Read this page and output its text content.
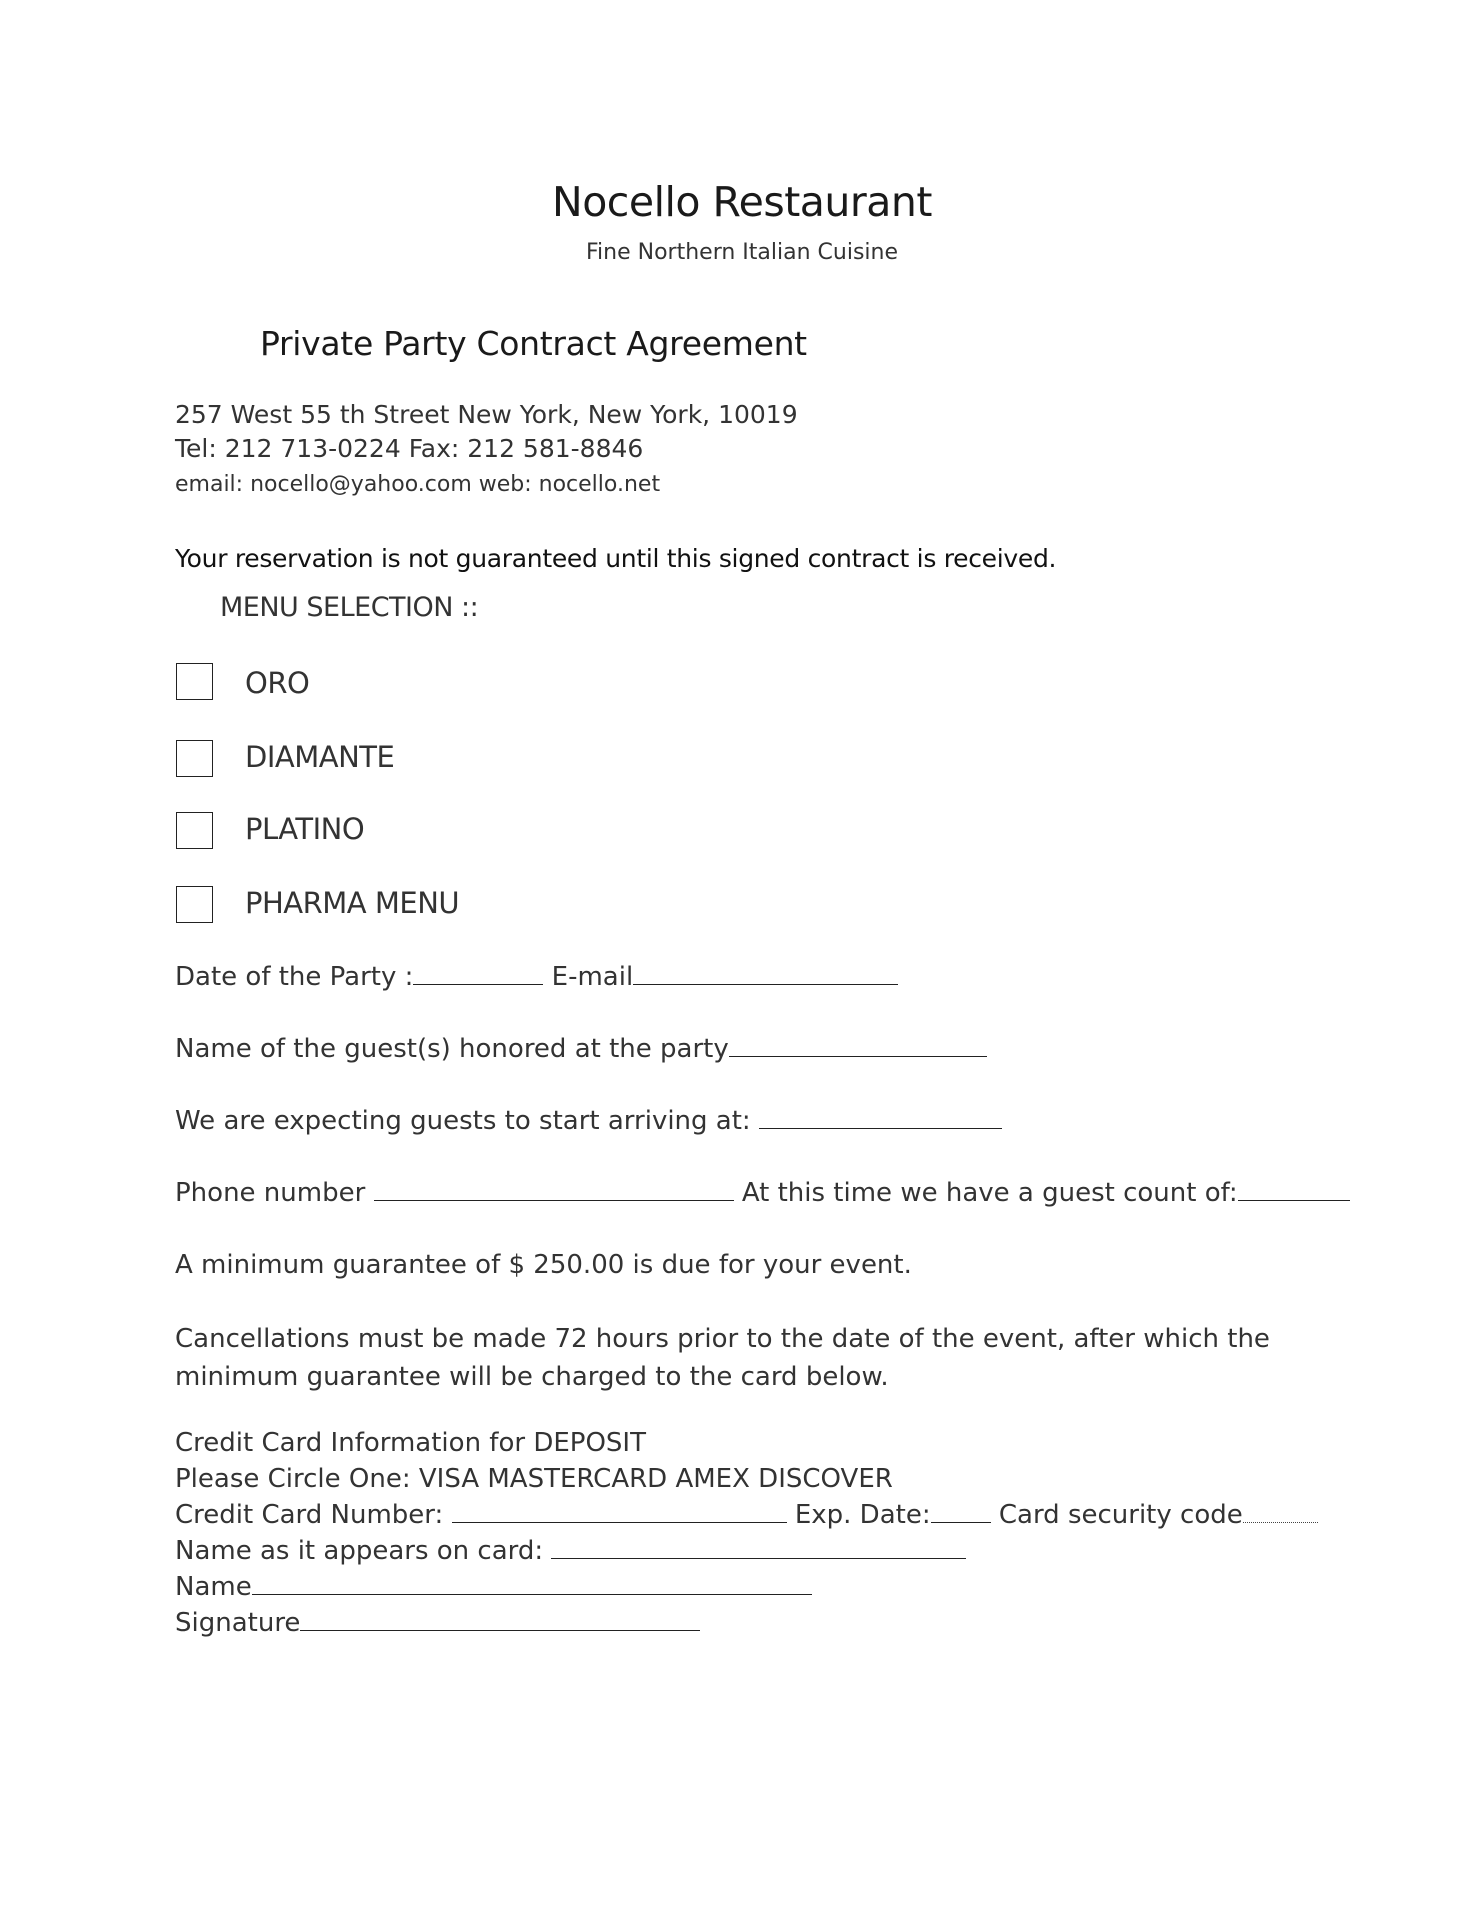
Nocello Restaurant
Fine Northern Italian Cuisine
Private Party Contract Agreement
257 West 55 th Street New York, New York, 10019
Tel: 212 713-0224 Fax: 212 581-8846
email: nocello@yahoo.com web: nocello.net
Your reservation is not guaranteed until this signed contract is received.
MENU SELECTION ::
ORO
DIAMANTE
PLATINO
PHARMA MENU
Date of the Party :	E-mail
Name of the guest(s) honored at the party
We are expecting guests to start arriving at:
Phone number	At this time we have a guest count of:
A minimum guarantee of $ 250.00 is due for your event.
Cancellations must be made 72 hours prior to the date of the event, after which the minimum guarantee will be charged to the card below.
Credit Card Information for DEPOSIT
Please Circle One: VISA MASTERCARD AMEX DISCOVER
Credit Card Number:	Exp. Date:	Card security code
Name as it appears on card:
Name
Signature
